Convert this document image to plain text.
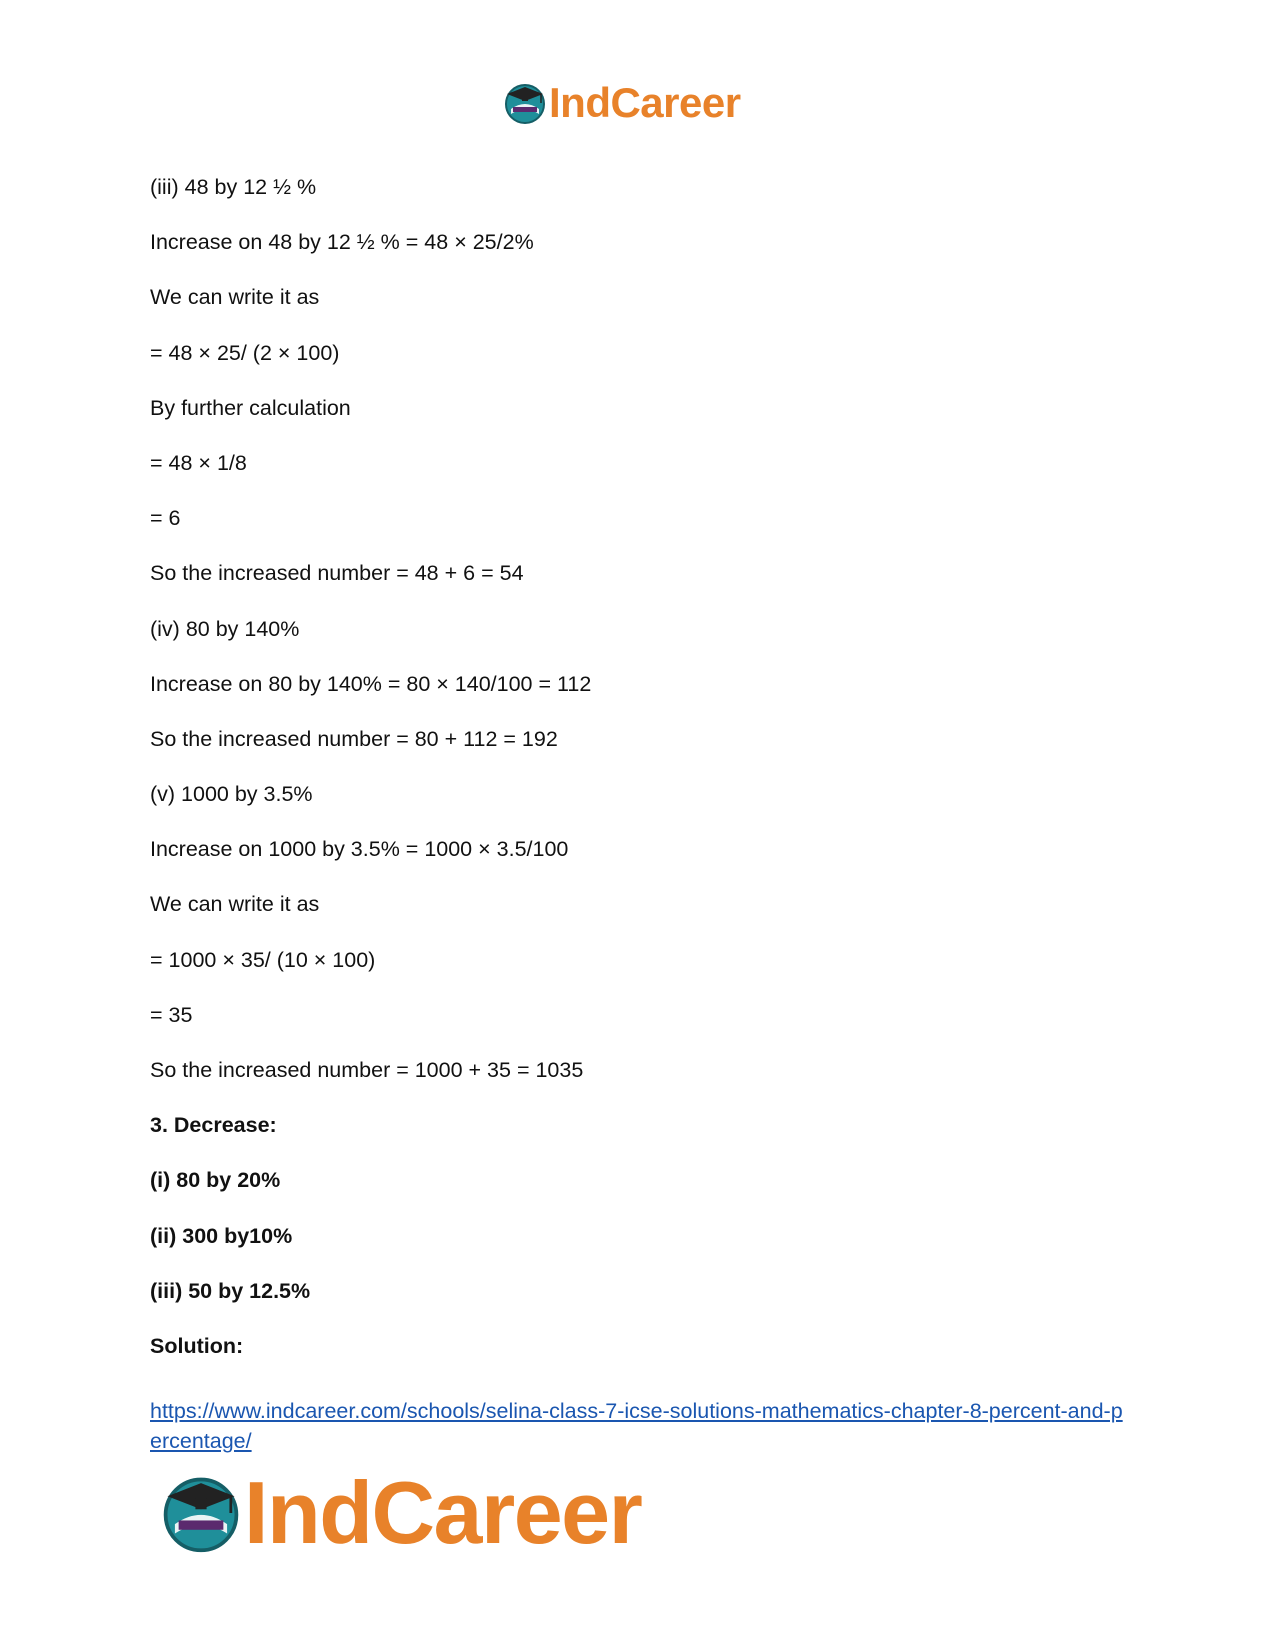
IndCareer
(iii) 48 by 12 ½ %
Increase on 48 by 12 ½ % = 48 × 25/2%
We can write it as
= 48 × 25/ (2 × 100)
By further calculation
= 48 × 1/8
= 6
So the increased number = 48 + 6 = 54
(iv) 80 by 140%
Increase on 80 by 140% = 80 × 140/100 = 112
So the increased number = 80 + 112 = 192
(v) 1000 by 3.5%
Increase on 1000 by 3.5% = 1000 × 3.5/100
We can write it as
= 1000 × 35/ (10 × 100)
= 35
So the increased number = 1000 + 35 = 1035
3. Decrease:
(i) 80 by 20%
(ii) 300 by10%
(iii) 50 by 12.5%
Solution:
https://www.indcareer.com/schools/selina-class-7-icse-solutions-mathematics-chapter-8-percent-and-percentage/
IndCareer
